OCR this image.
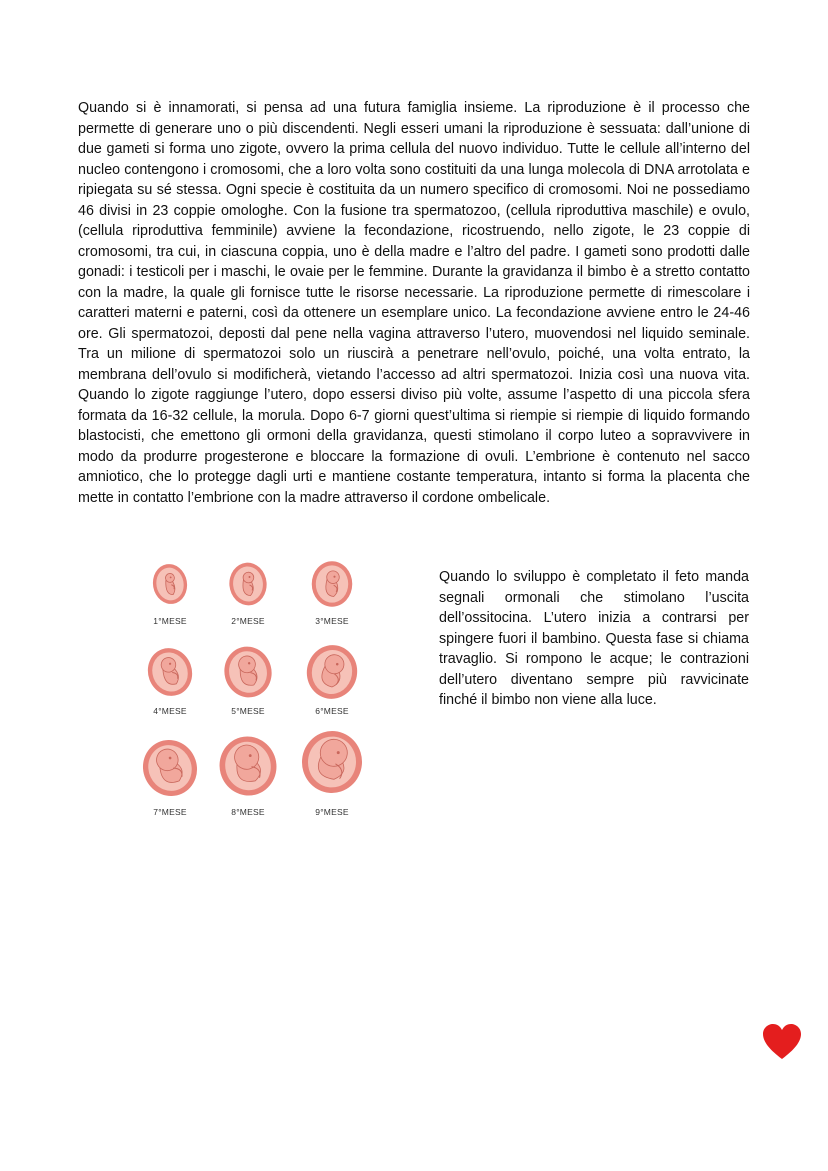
Quando si è innamorati, si pensa ad una futura famiglia insieme. La riproduzione è il processo che permette di generare uno o più discendenti. Negli esseri umani la riproduzione è sessuata: dall’unione di due gameti si forma uno zigote, ovvero la prima cellula del nuovo individuo. Tutte le cellule all’interno del nucleo contengono i cromosomi, che a loro volta sono costituiti da una lunga molecola di DNA arrotolata e ripiegata su sé stessa. Ogni specie è costituita da un numero specifico di cromosomi. Noi ne possediamo 46 divisi in 23 coppie omologhe. Con la fusione tra spermatozoo, (cellula riproduttiva maschile) e ovulo, (cellula riproduttiva femminile) avviene la fecondazione, ricostruendo, nello zigote, le 23 coppie di cromosomi, tra cui, in ciascuna coppia, uno è della madre e l’altro del padre. I gameti sono prodotti dalle gonadi: i testicoli per i maschi, le ovaie per le femmine. Durante la gravidanza il bimbo è a stretto contatto con la madre, la quale gli fornisce tutte le risorse necessarie. La riproduzione permette di rimescolare i caratteri materni e paterni, così da ottenere un esemplare unico. La fecondazione avviene entro le 24-46 ore. Gli spermatozoi, deposti dal pene nella vagina attraverso l’utero, muovendosi nel liquido seminale. Tra un milione di spermatozoi solo un riuscirà a penetrare nell’ovulo, poiché, una volta entrato, la membrana dell’ovulo si modificherà, vietando l’accesso ad altri spermatozoi. Inizia così una nuova vita. Quando lo zigote raggiunge l’utero, dopo essersi diviso più volte, assume l’aspetto di una piccola sfera formata da 16-32 cellule, la morula. Dopo 6-7 giorni quest’ultima si riempie si riempie di liquido formando blastocisti, che emettono gli ormoni della gravidanza, questi stimolano il corpo luteo a sopravvivere in modo da produrre progesterone e bloccare la formazione di ovuli. L’embrione è contenuto nel sacco amniotico, che lo protegge dagli urti e mantiene costante temperatura, intanto si forma la placenta che mette in contatto l’embrione con la madre attraverso il cordone ombelicale.

1°MESE	2°MESE	3°MESE
4°MESE	5°MESE	6°MESE
7°MESE	8°MESE	9°MESE

Quando lo sviluppo è completato il feto manda segnali ormonali che stimolano l’uscita dell’ossitocina. L’utero inizia a contrarsi per spingere fuori il bambino. Questa fase si chiama travaglio. Si rompono le acque; le contrazioni dell’utero diventano sempre più ravvicinate finché il bimbo non viene alla luce.
